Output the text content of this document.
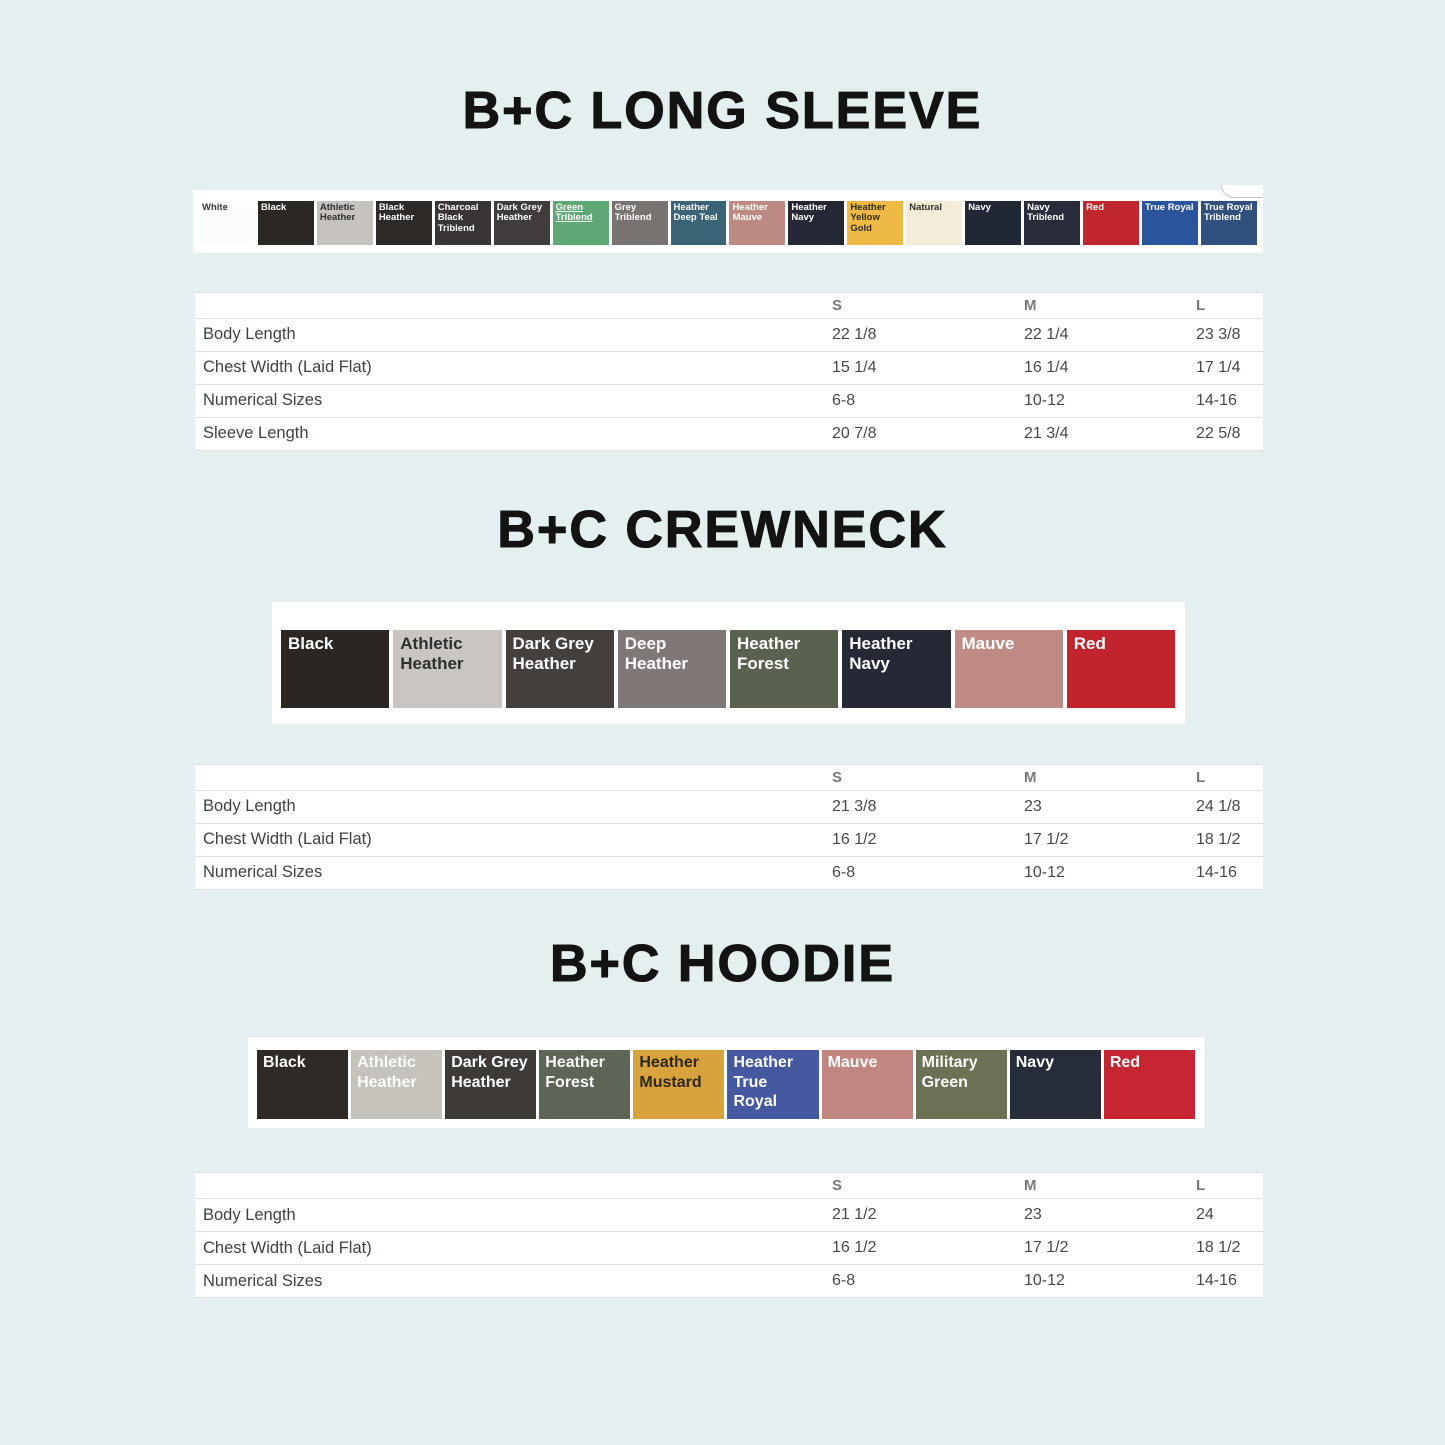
B+C LONG SLEEVE
White	Black	Athletic Heather
Black Heather
Charcoal Black Triblend
Dark Grey Heather
Green Triblend
Grey Triblend
Heather Deep Teal
Heather Mauve
Heather Navy
Heather Yellow Gold
Natural	Navy	Navy Triblend
Red	True Royal	True Royal Triblend
	S	M	L
Body Length	22 1/8	22 1/4	23 3/8
Chest Width (Laid Flat)	15 1/4	16 1/4	17 1/4
Numerical Sizes	6-8	10-12	14-16
Sleeve Length	20 7/8	21 3/4	22 5/8
B+C CREWNECK
Black	Athletic Heather
Dark Grey Heather
Deep Heather
Heather Forest
Heather Navy
Mauve	Red
	S	M	L
Body Length	21 3/8	23	24 1/8
Chest Width (Laid Flat)	16 1/2	17 1/2	18 1/2
Numerical Sizes	6-8	10-12	14-16
B+C HOODIE
Black	Athletic Heather
Dark Grey Heather
Heather Forest
Heather Mustard
Heather True Royal
Mauve	Military Green
Navy	Red
	S	M	L
Body Length	21 1/2	23	24
Chest Width (Laid Flat)	16 1/2	17 1/2	18 1/2
Numerical Sizes	6-8	10-12	14-16
